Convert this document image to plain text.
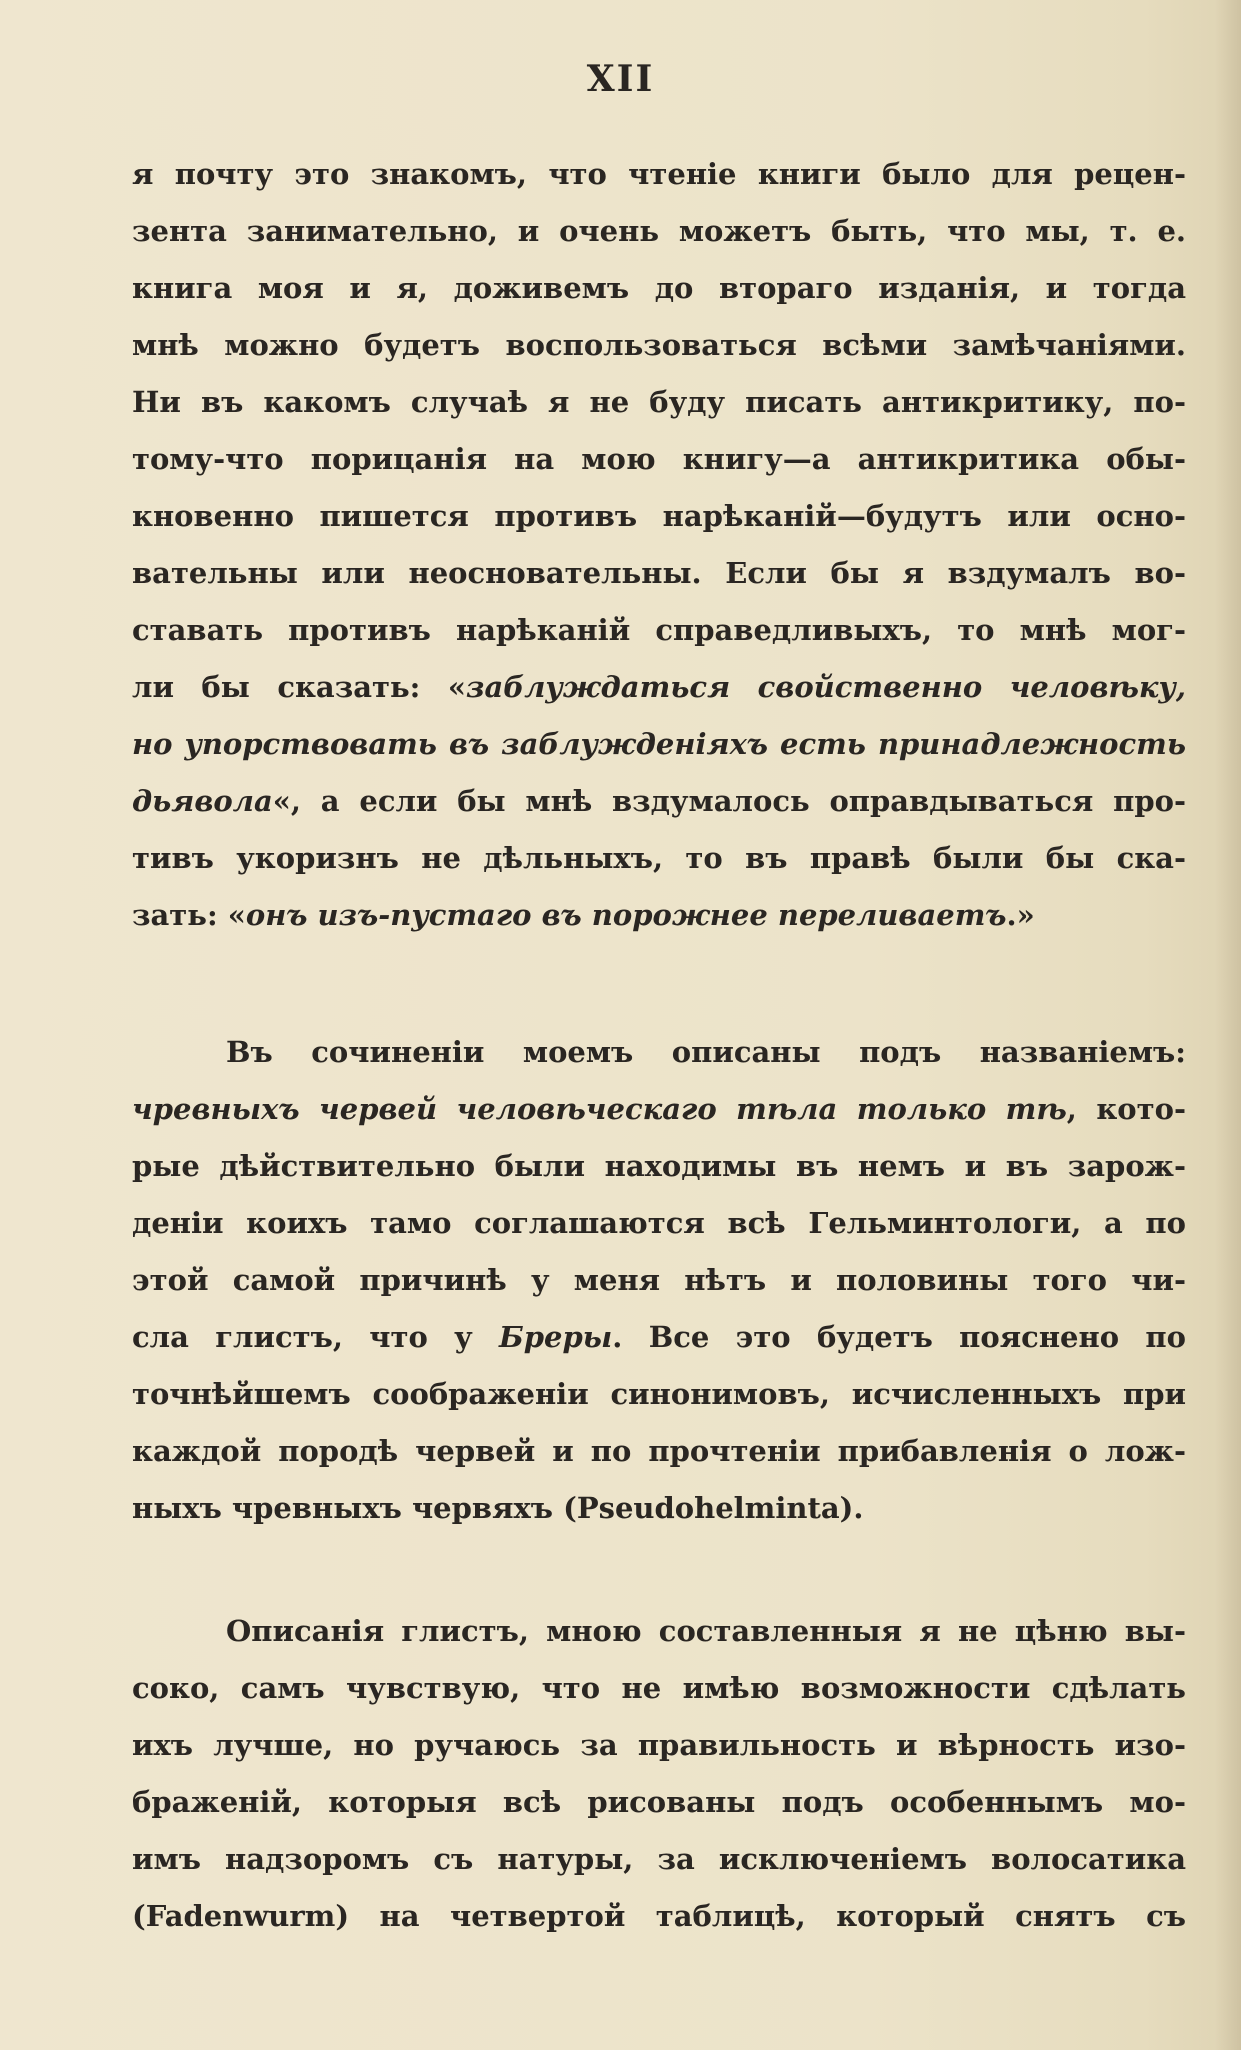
XII
я почту это знакомъ, что чтенiе книги было для рецен-
зента занимательно, и очень можетъ быть, что мы, т. е.
книга моя и я, доживемъ до втораго изданiя, и тогда
мнѣ можно будетъ воспользоваться всѣми замѣчанiями.
Ни въ какомъ случаѣ я не буду писать антикритику, по-
тому-что порицанiя на мою книгу—а антикритика обы-
кновенно пишется противъ нарѣканiй—будутъ или осно-
вательны или неосновательны. Если бы я вздумалъ во-
ставать противъ нарѣканiй справедливыхъ, то мнѣ мог-
ли бы сказать: «заблуждаться свойственно человѣку,
но упорствовать въ заблужденiяхъ есть принадлежность
дьявола«, а если бы мнѣ вздумалось оправдываться про-
тивъ укоризнъ не дѣльныхъ, то въ правѣ были бы ска-
зать: «онъ изъ-пустаго въ порожнее переливаетъ.»
Въ сочиненiи моемъ описаны подъ названiемъ:
чревныхъ червей человѣческаго тѣла только тѣ, кото-
рые дѣйствительно были находимы въ немъ и въ зарож-
денiи коихъ тамо соглашаются всѣ Гельминтологи, а по
этой самой причинѣ у меня нѣтъ и половины того чи-
сла глистъ, что у Бреры. Все это будетъ пояснено по
точнѣйшемъ соображенiи синонимовъ, исчисленныхъ при
каждой породѣ червей и по прочтенiи прибавленiя о лож-
ныхъ чревныхъ червяхъ (Pseudohelminta).
Описанiя глистъ, мною составленныя я не цѣню вы-
соко, самъ чувствую, что не имѣю возможности сдѣлать
ихъ лучше, но ручаюсь за правильность и вѣрность изо-
браженiй, которыя всѣ рисованы подъ особеннымъ мо-
имъ надзоромъ съ натуры, за исключенiемъ волосатика
(Fadenwurm) на четвертой таблицѣ, который снятъ съ
